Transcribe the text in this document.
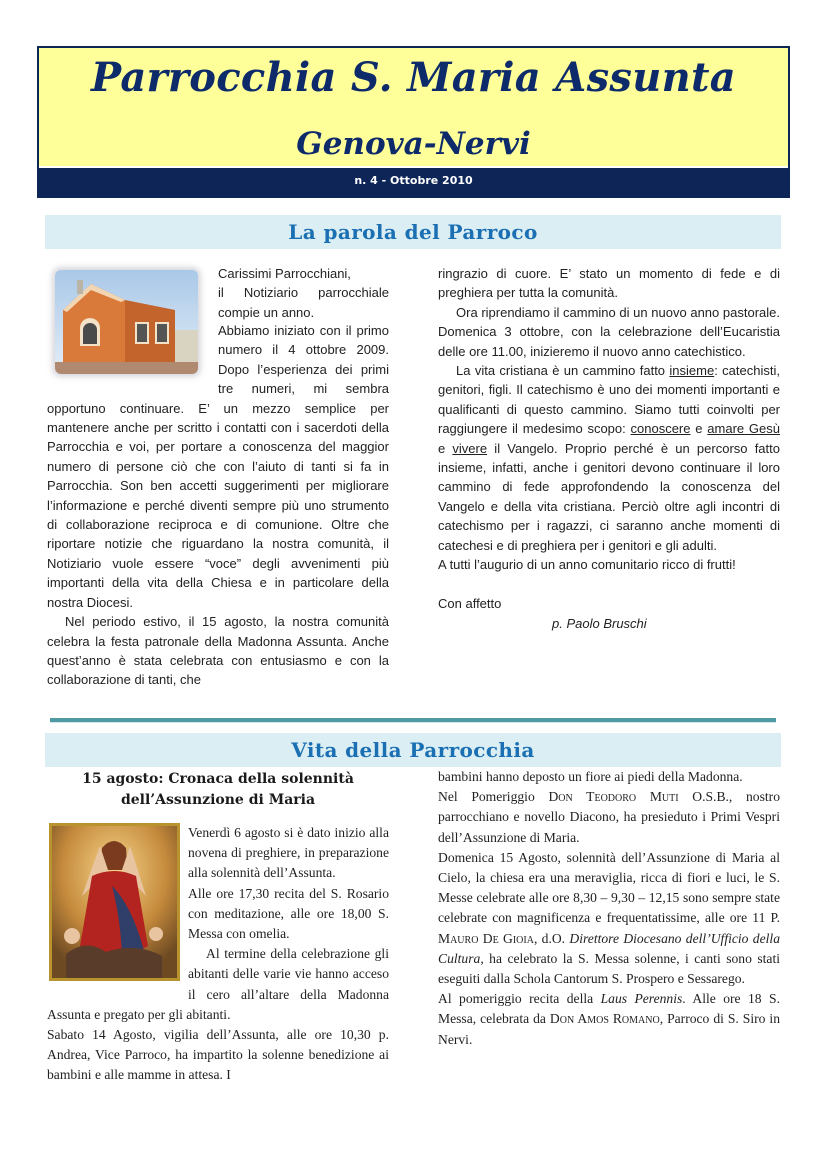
Parrocchia S. Maria Assunta
Genova-Nervi
n. 4 - Ottobre 2010
La parola del Parroco

Carissimi Parrocchiani,

il Notiziario parrocchiale compie un anno.

Abbiamo iniziato con il primo numero il 4 ottobre 2009. Dopo l’esperienza dei primi tre numeri, mi sembra opportuno continuare. E’ un mezzo semplice per mantenere anche per scritto i contatti con i sacerdoti della Parrocchia e voi, per portare a conoscenza del maggior numero di persone ciò che con l’aiuto di tanti si fa in Parrocchia. Son ben accetti suggerimenti per migliorare l’informazione e perché diventi sempre più uno strumento di collaborazione reciproca e di comunione. Oltre che riportare notizie che riguardano la nostra comunità, il Notiziario vuole essere “voce” degli avvenimenti più importanti della vita della Chiesa e in particolare della nostra Diocesi.

Nel periodo estivo, il 15 agosto, la nostra comunità celebra la festa patronale della Madonna Assunta. Anche quest’anno è stata celebrata con entusiasmo e con la collaborazione di tanti, che

ringrazio di cuore. E’ stato un momento di fede e di preghiera per tutta la comunità.

Ora riprendiamo il cammino di un nuovo anno pastorale. Domenica 3 ottobre, con la celebrazione dell’Eucaristia delle ore 11.00, inizieremo il nuovo anno catechistico.

La vita cristiana è un cammino fatto insieme: catechisti, genitori, figli. Il catechismo è uno dei momenti importanti e qualificanti di questo cammino. Siamo tutti coinvolti per raggiungere il medesimo scopo: conoscere e amare Gesù e vivere il Vangelo. Proprio perché è un percorso fatto insieme, infatti, anche i genitori devono continuare il loro cammino di fede approfondendo la conoscenza del Vangelo e della vita cristiana. Perciò oltre agli incontri di catechismo per i ragazzi, ci saranno anche momenti di catechesi e di preghiera per i genitori e gli adulti.

A tutti l’augurio di un anno comunitario ricco di frutti!

Con affetto

p. Paolo Bruschi

Vita della Parrocchia
15 agosto: Cronaca della solennità
dell’Assunzione di Maria

Venerdì 6 agosto si è dato inizio alla novena di preghiere, in preparazione alla solennità dell’Assunta.

Alle ore 17,30 recita del S. Rosario con meditazione, alle ore 18,00 S. Messa con omelia.

Al termine della celebrazione gli abitanti delle varie vie hanno acceso il cero all’altare della Madonna Assunta e pregato per gli abitanti.

Sabato 14 Agosto, vigilia dell’Assunta, alle ore 10,30 p. Andrea, Vice Parroco, ha impartito la solenne benedizione ai bambini e alle mamme in attesa. I

bambini hanno deposto un fiore ai piedi della Madonna.

Nel Pomeriggio Don Teodoro Muti O.S.B., nostro parrocchiano e novello Diacono, ha presieduto i Primi Vespri dell’Assunzione di Maria.

Domenica 15 Agosto, solennità dell’Assunzione di Maria al Cielo, la chiesa era una meraviglia, ricca di fiori e luci, le S. Messe celebrate alle ore 8,30 – 9,30 – 12,15 sono sempre state celebrate con magnificenza e frequentatissime, alle ore 11 P. Mauro De Gioia, d.O. Direttore Diocesano dell’Ufficio della Cultura, ha celebrato la S. Messa solenne, i canti sono stati eseguiti dalla Schola Cantorum S. Prospero e Sessarego.

Al pomeriggio recita della Laus Perennis. Alle ore 18 S. Messa, celebrata da Don Amos Romano, Parroco di S. Siro in Nervi.
